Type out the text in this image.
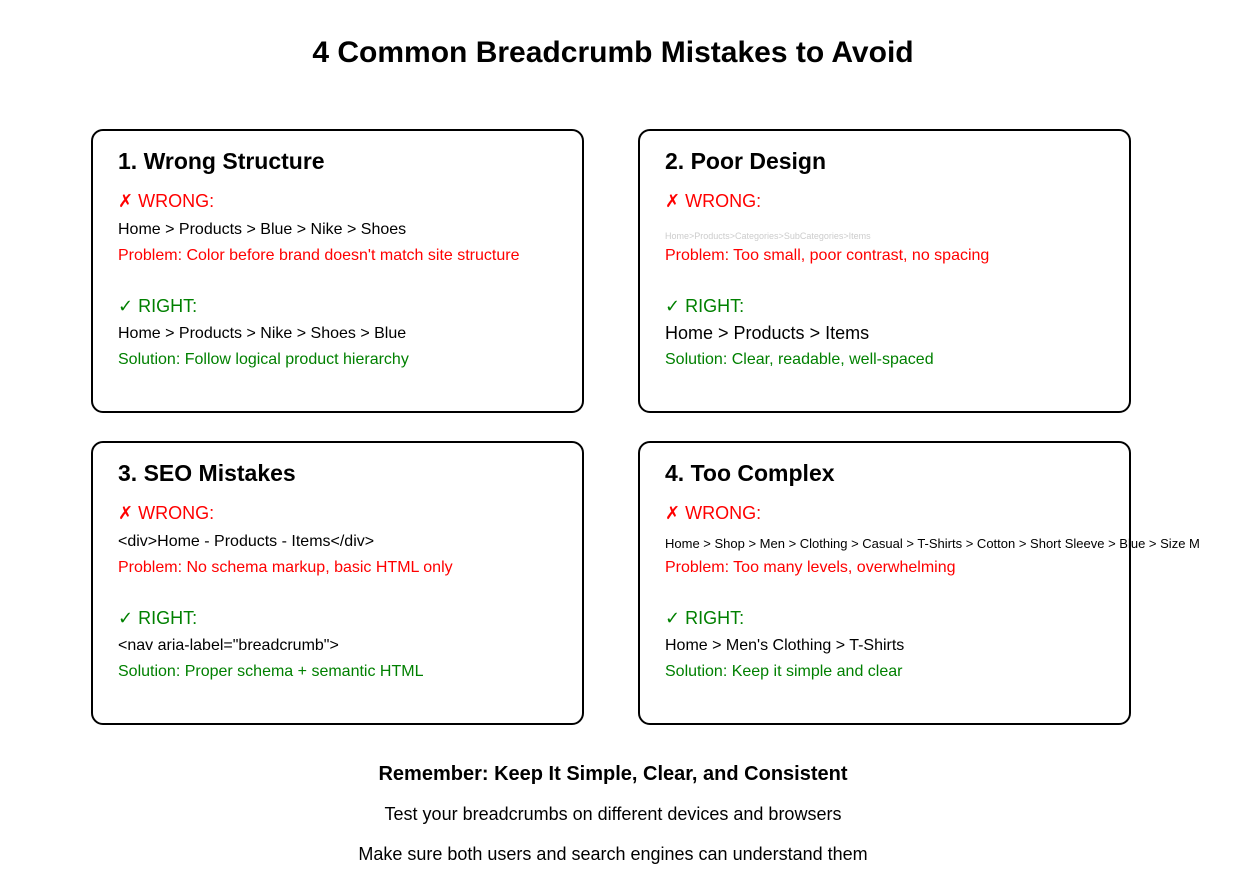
4 Common Breadcrumb Mistakes to Avoid
1. Wrong Structure
✗ WRONG:
Home > Products > Blue > Nike > Shoes
Problem: Color before brand doesn't match site structure
✓ RIGHT:
Home > Products > Nike > Shoes > Blue
Solution: Follow logical product hierarchy
2. Poor Design
✗ WRONG:
Home>Products>Categories>SubCategories>Items
Problem: Too small, poor contrast, no spacing
✓ RIGHT:
Home > Products > Items
Solution: Clear, readable, well-spaced
3. SEO Mistakes
✗ WRONG:
<div>Home - Products - Items</div>
Problem: No schema markup, basic HTML only
✓ RIGHT:
<nav aria-label="breadcrumb">
Solution: Proper schema + semantic HTML
4. Too Complex
✗ WRONG:
Home > Shop > Men > Clothing > Casual > T-Shirts > Cotton > Short Sleeve > Blue > Size M
Problem: Too many levels, overwhelming
✓ RIGHT:
Home > Men's Clothing > T-Shirts
Solution: Keep it simple and clear
Remember: Keep It Simple, Clear, and Consistent
Test your breadcrumbs on different devices and browsers
Make sure both users and search engines can understand them
